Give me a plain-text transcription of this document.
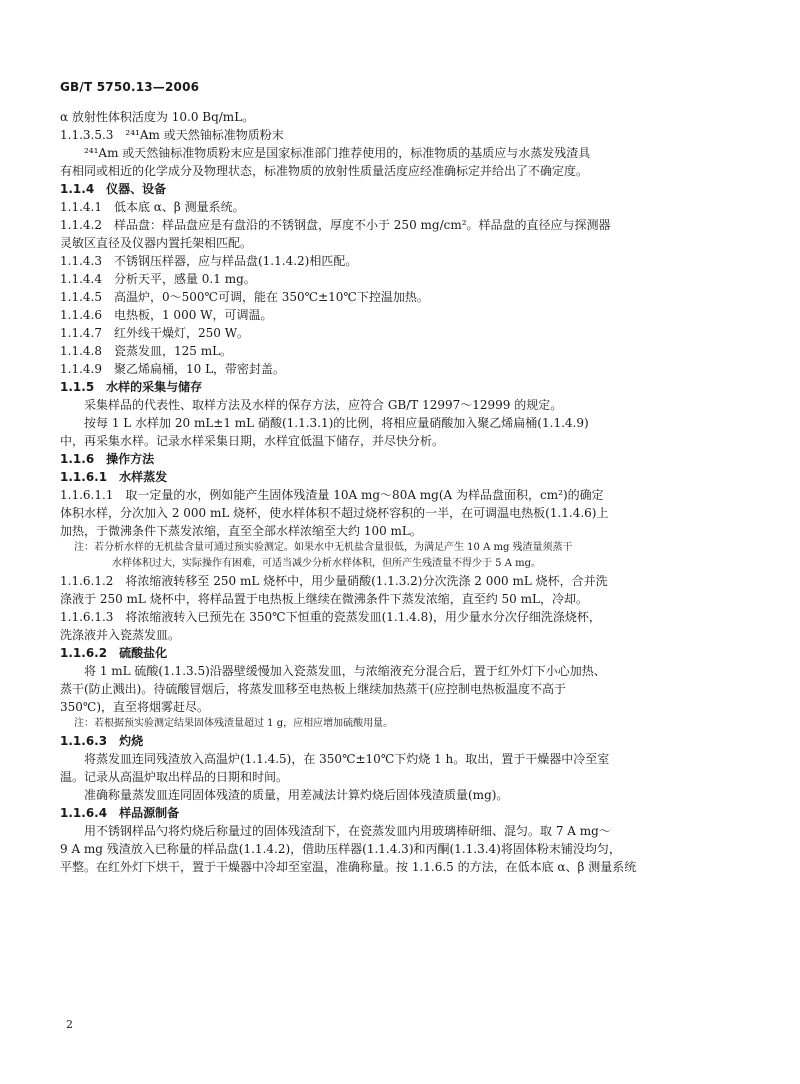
GB/T 5750.13—2006
α 放射性体积活度为 10.0 Bq/mL。
1.1.3.5.3　²⁴¹Am 或天然铀标准物质粉末
²⁴¹Am 或天然铀标准物质粉末应是国家标准部门推荐使用的，标准物质的基质应与水蒸发残渣具
有相同或相近的化学成分及物理状态，标准物质的放射性质量活度应经准确标定并给出了不确定度。
1.1.4　仪器、设备
1.1.4.1　低本底 α、β 测量系统。
1.1.4.2　样品盘：样品盘应是有盘沿的不锈钢盘，厚度不小于 250 mg/cm²。样品盘的直径应与探测器
灵敏区直径及仪器内置托架相匹配。
1.1.4.3　不锈钢压样器，应与样品盘(1.1.4.2)相匹配。
1.1.4.4　分析天平，感量 0.1 mg。
1.1.4.5　高温炉，0～500℃可调，能在 350℃±10℃下控温加热。
1.1.4.6　电热板，1 000 W，可调温。
1.1.4.7　红外线干燥灯，250 W。
1.1.4.8　瓷蒸发皿，125 mL。
1.1.4.9　聚乙烯扁桶，10 L，带密封盖。
1.1.5　水样的采集与储存
采集样品的代表性、取样方法及水样的保存方法，应符合 GB/T 12997～12999 的规定。
按每 1 L 水样加 20 mL±1 mL 硝酸(1.1.3.1)的比例，将相应量硝酸加入聚乙烯扁桶(1.1.4.9)
中，再采集水样。记录水样采集日期，水样宜低温下储存，并尽快分析。
1.1.6　操作方法
1.1.6.1　水样蒸发
1.1.6.1.1　取一定量的水，例如能产生固体残渣量 10A mg～80A mg(A 为样品盘面积，cm²)的确定
体积水样，分次加入 2 000 mL 烧杯，使水样体积不超过烧杯容积的一半，在可调温电热板(1.1.4.6)上
加热，于微沸条件下蒸发浓缩，直至全部水样浓缩至大约 100 mL。
注：若分析水样的无机盐含量可通过预实验测定。如果水中无机盐含量很低，为满足产生 10 A mg 残渣量须蒸干
水样体积过大，实际操作有困难，可适当减少分析水样体积，但所产生残渣量不得少于 5 A mg。
1.1.6.1.2　将浓缩液转移至 250 mL 烧杯中，用少量硝酸(1.1.3.2)分次洗涤 2 000 mL 烧杯，合并洗
涤液于 250 mL 烧杯中，将样品置于电热板上继续在微沸条件下蒸发浓缩，直至约 50 mL，冷却。
1.1.6.1.3　将浓缩液转入已预先在 350℃下恒重的瓷蒸发皿(1.1.4.8)，用少量水分次仔细洗涤烧杯，
洗涤液并入瓷蒸发皿。
1.1.6.2　硫酸盐化
将 1 mL 硫酸(1.1.3.5)沿器壁缓慢加入瓷蒸发皿，与浓缩液充分混合后，置于红外灯下小心加热、
蒸干(防止溅出)。待硫酸冒烟后，将蒸发皿移至电热板上继续加热蒸干(应控制电热板温度不高于
350℃)，直至将烟雾赶尽。
注：若根据预实验测定结果固体残渣量超过 1 g，应相应增加硫酸用量。
1.1.6.3　灼烧
将蒸发皿连同残渣放入高温炉(1.1.4.5)，在 350℃±10℃下灼烧 1 h。取出，置于干燥器中冷至室
温。记录从高温炉取出样品的日期和时间。
准确称量蒸发皿连同固体残渣的质量，用差减法计算灼烧后固体残渣质量(mg)。
1.1.6.4　样品源制备
用不锈钢样品勺将灼烧后称量过的固体残渣刮下，在瓷蒸发皿内用玻璃棒研细、混匀。取 7 A mg～
9 A mg 残渣放入已称量的样品盘(1.1.4.2)，借助压样器(1.1.4.3)和丙酮(1.1.3.4)将固体粉末铺没均匀，
平整。在红外灯下烘干，置于干燥器中冷却至室温，准确称量。按 1.1.6.5 的方法，在低本底 α、β 测量系统
2
